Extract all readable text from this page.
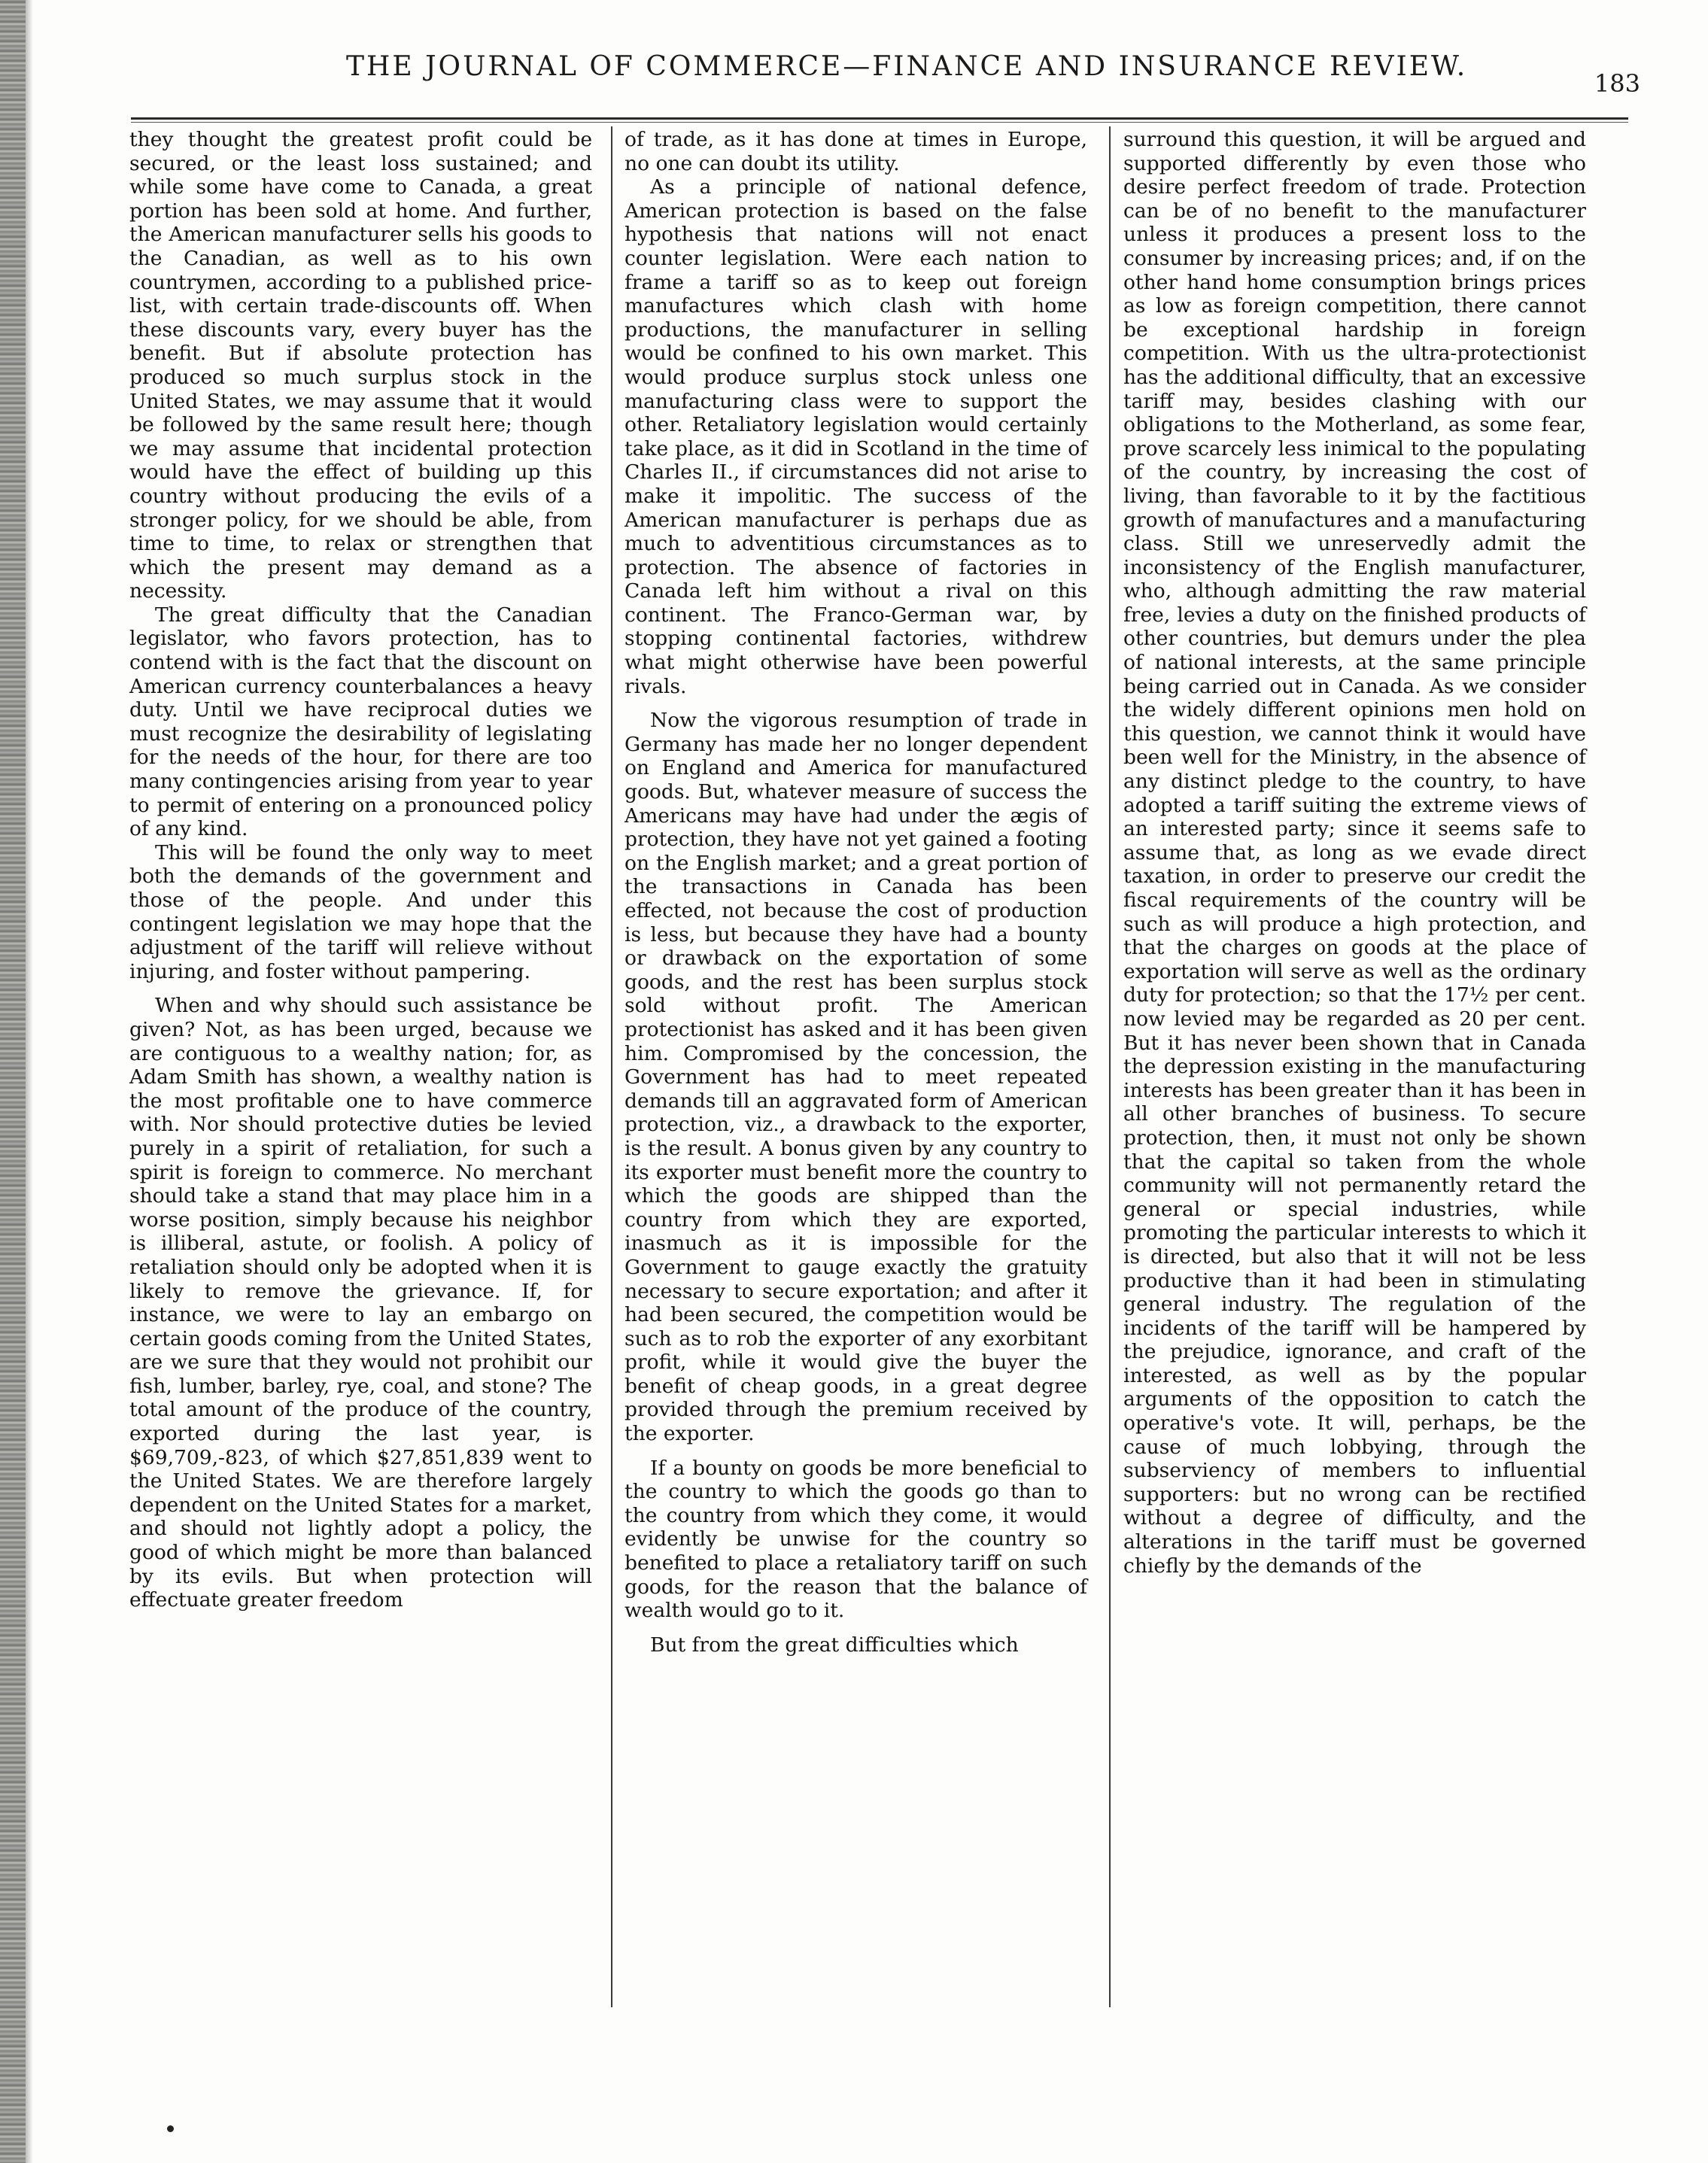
THE JOURNAL OF COMMERCE—FINANCE AND INSURANCE REVIEW.
183

they thought the greatest profit could be secured, or the least loss sustained; and while some have come to Canada, a great portion has been sold at home. And further, the American manufacturer sells his goods to the Canadian, as well as to his own countrymen, according to a published price-list, with certain trade-discounts off. When these discounts vary, every buyer has the benefit. But if absolute protection has produced so much surplus stock in the United States, we may assume that it would be followed by the same result here; though we may assume that incidental protection would have the effect of building up this country without producing the evils of a stronger policy, for we should be able, from time to time, to relax or strengthen that which the present may demand as a necessity.

The great difficulty that the Canadian legislator, who favors protection, has to contend with is the fact that the discount on American currency counterbalances a heavy duty. Until we have reciprocal duties we must recognize the desirability of legislating for the needs of the hour, for there are too many contingencies arising from year to year to permit of entering on a pronounced policy of any kind.

This will be found the only way to meet both the demands of the government and those of the people. And under this contingent legislation we may hope that the adjustment of the tariff will relieve without injuring, and foster without pampering.

When and why should such assistance be given? Not, as has been urged, because we are contiguous to a wealthy nation; for, as Adam Smith has shown, a wealthy nation is the most profitable one to have commerce with. Nor should protective duties be levied purely in a spirit of retaliation, for such a spirit is foreign to commerce. No merchant should take a stand that may place him in a worse position, simply because his neighbor is illiberal, astute, or foolish. A policy of retaliation should only be adopted when it is likely to remove the grievance. If, for instance, we were to lay an embargo on certain goods coming from the United States, are we sure that they would not prohibit our fish, lumber, barley, rye, coal, and stone? The total amount of the produce of the country, exported during the last year, is $69,709,-823, of which $27,851,839 went to the United States. We are therefore largely dependent on the United States for a market, and should not lightly adopt a policy, the good of which might be more than balanced by its evils. But when protection will effectuate greater freedom

of trade, as it has done at times in Europe, no one can doubt its utility.

As a principle of national defence, American protection is based on the false hypothesis that nations will not enact counter legislation. Were each nation to frame a tariff so as to keep out foreign manufactures which clash with home productions, the manufacturer in selling would be confined to his own market. This would produce surplus stock unless one manufacturing class were to support the other. Retaliatory legislation would certainly take place, as it did in Scotland in the time of Charles II., if circumstances did not arise to make it impolitic. The success of the American manufacturer is perhaps due as much to adventitious circumstances as to protection. The absence of factories in Canada left him without a rival on this continent. The Franco-German war, by stopping continental factories, withdrew what might otherwise have been powerful rivals.

Now the vigorous resumption of trade in Germany has made her no longer dependent on England and America for manufactured goods. But, whatever measure of success the Americans may have had under the ægis of protection, they have not yet gained a footing on the English market; and a great portion of the transactions in Canada has been effected, not because the cost of production is less, but because they have had a bounty or drawback on the exportation of some goods, and the rest has been surplus stock sold without profit. The American protectionist has asked and it has been given him. Compromised by the concession, the Government has had to meet repeated demands till an aggravated form of American protection, viz., a drawback to the exporter, is the result. A bonus given by any country to its exporter must benefit more the country to which the goods are shipped than the country from which they are exported, inasmuch as it is impossible for the Government to gauge exactly the gratuity necessary to secure exportation; and after it had been secured, the competition would be such as to rob the exporter of any exorbitant profit, while it would give the buyer the benefit of cheap goods, in a great degree provided through the premium received by the exporter.

If a bounty on goods be more beneficial to the country to which the goods go than to the country from which they come, it would evidently be unwise for the country so benefited to place a retaliatory tariff on such goods, for the reason that the balance of wealth would go to it.

But from the great difficulties which

surround this question, it will be argued and supported differently by even those who desire perfect freedom of trade. Protection can be of no benefit to the manufacturer unless it produces a present loss to the consumer by increasing prices; and, if on the other hand home consumption brings prices as low as foreign competition, there cannot be exceptional hardship in foreign competition. With us the ultra-protectionist has the additional difficulty, that an excessive tariff may, besides clashing with our obligations to the Motherland, as some fear, prove scarcely less inimical to the populating of the country, by increasing the cost of living, than favorable to it by the factitious growth of manufactures and a manufacturing class. Still we unreservedly admit the inconsistency of the English manufacturer, who, although admitting the raw material free, levies a duty on the finished products of other countries, but demurs under the plea of national interests, at the same principle being carried out in Canada. As we consider the widely different opinions men hold on this question, we cannot think it would have been well for the Ministry, in the absence of any distinct pledge to the country, to have adopted a tariff suiting the extreme views of an interested party; since it seems safe to assume that, as long as we evade direct taxation, in order to preserve our credit the fiscal requirements of the country will be such as will produce a high protection, and that the charges on goods at the place of exportation will serve as well as the ordinary duty for protection; so that the 17½ per cent. now levied may be regarded as 20 per cent. But it has never been shown that in Canada the depression existing in the manufacturing interests has been greater than it has been in all other branches of business. To secure protection, then, it must not only be shown that the capital so taken from the whole community will not permanently retard the general or special industries, while promoting the particular interests to which it is directed, but also that it will not be less productive than it had been in stimulating general industry. The regulation of the incidents of the tariff will be hampered by the prejudice, ignorance, and craft of the interested, as well as by the popular arguments of the opposition to catch the operative's vote. It will, perhaps, be the cause of much lobbying, through the subserviency of members to influential supporters: but no wrong can be rectified without a degree of difficulty, and the alterations in the tariff must be governed chiefly by the demands of the
